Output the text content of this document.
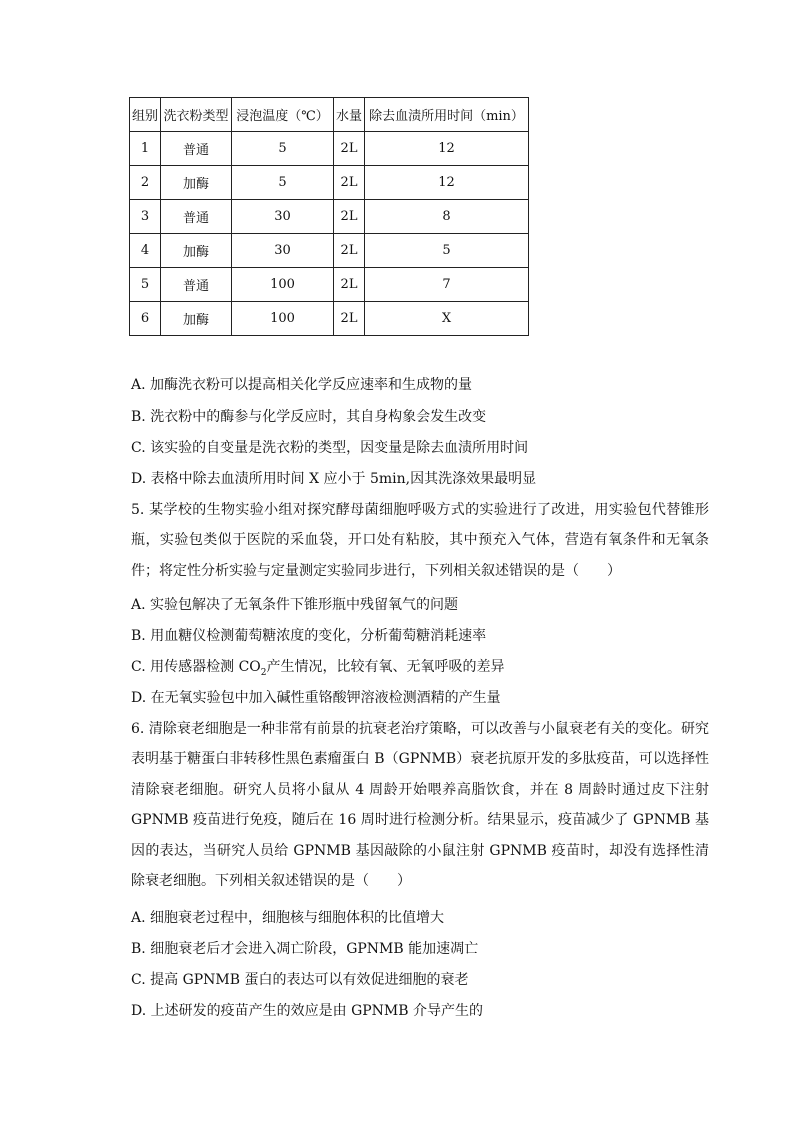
组别	洗衣粉类型	浸泡温度（℃）	水量	除去血渍所用时间（min）
1	普通	5	2L	12
2	加酶	5	2L	12
3	普通	30	2L	8
4	加酶	30	2L	5
5	普通	100	2L	7
6	加酶	100	2L	X
A. 加酶洗衣粉可以提高相关化学反应速率和生成物的量
B. 洗衣粉中的酶参与化学反应时，其自身构象会发生改变
C. 该实验的自变量是洗衣粉的类型，因变量是除去血渍所用时间
D. 表格中除去血渍所用时间 X 应小于 5min,因其洗涤效果最明显
5. 某学校的生物实验小组对探究酵母菌细胞呼吸方式的实验进行了改进，用实验包代替锥形瓶，实验包类似于医院的采血袋，开口处有粘胶，其中预充入气体，营造有氧条件和无氧条件；将定性分析实验与定量测定实验同步进行，下列相关叙述错误的是（　　）
A. 实验包解决了无氧条件下锥形瓶中残留氧气的问题
B. 用血糖仪检测葡萄糖浓度的变化，分析葡萄糖消耗速率
C. 用传感器检测 $CO_2$产生情况，比较有氧、无氧呼吸的差异
D. 在无氧实验包中加入碱性重铬酸钾溶液检测酒精的产生量
6. 清除衰老细胞是一种非常有前景的抗衰老治疗策略，可以改善与小鼠衰老有关的变化。研究表明基于糖蛋白非转移性黑色素瘤蛋白 B（GPNMB）衰老抗原开发的多肽疫苗，可以选择性清除衰老细胞。研究人员将小鼠从 4 周龄开始喂养高脂饮食，并在 8 周龄时通过皮下注射 GPNMB 疫苗进行免疫，随后在 16 周时进行检测分析。结果显示，疫苗减少了 GPNMB 基因的表达，当研究人员给 GPNMB 基因敲除的小鼠注射 GPNMB 疫苗时，却没有选择性清除衰老细胞。下列相关叙述错误的是（　　）
A. 细胞衰老过程中，细胞核与细胞体积的比值增大
B. 细胞衰老后才会进入凋亡阶段，GPNMB 能加速凋亡
C. 提高 GPNMB 蛋白的表达可以有效促进细胞的衰老
D. 上述研发的疫苗产生的效应是由 GPNMB 介导产生的
